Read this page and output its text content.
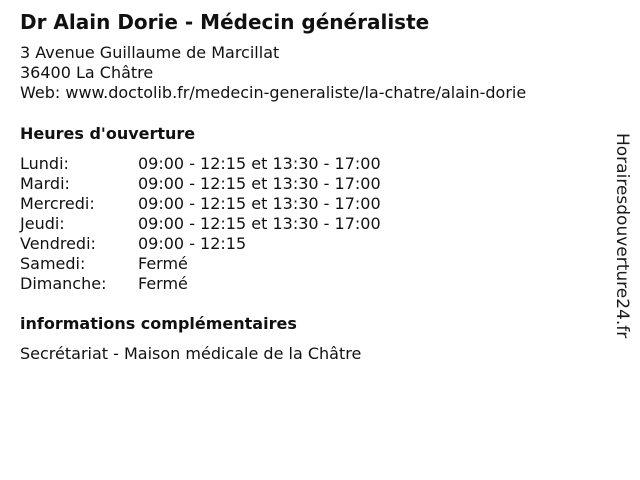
Dr Alain Dorie - Médecin généraliste
3 Avenue Guillaume de Marcillat
36400 La Châtre
Web: www.doctolib.fr/medecin-generaliste/la-chatre/alain-dorie
Heures d'ouverture
Lundi:	09:00 - 12:15 et 13:30 - 17:00
Mardi:	09:00 - 12:15 et 13:30 - 17:00
Mercredi:	09:00 - 12:15 et 13:30 - 17:00
Jeudi:	09:00 - 12:15 et 13:30 - 17:00
Vendredi:	09:00 - 12:15
Samedi:	Fermé
Dimanche: Fermé
informations complémentaires
Secrétariat - Maison médicale de la Châtre
Horairesdouverture24.fr
